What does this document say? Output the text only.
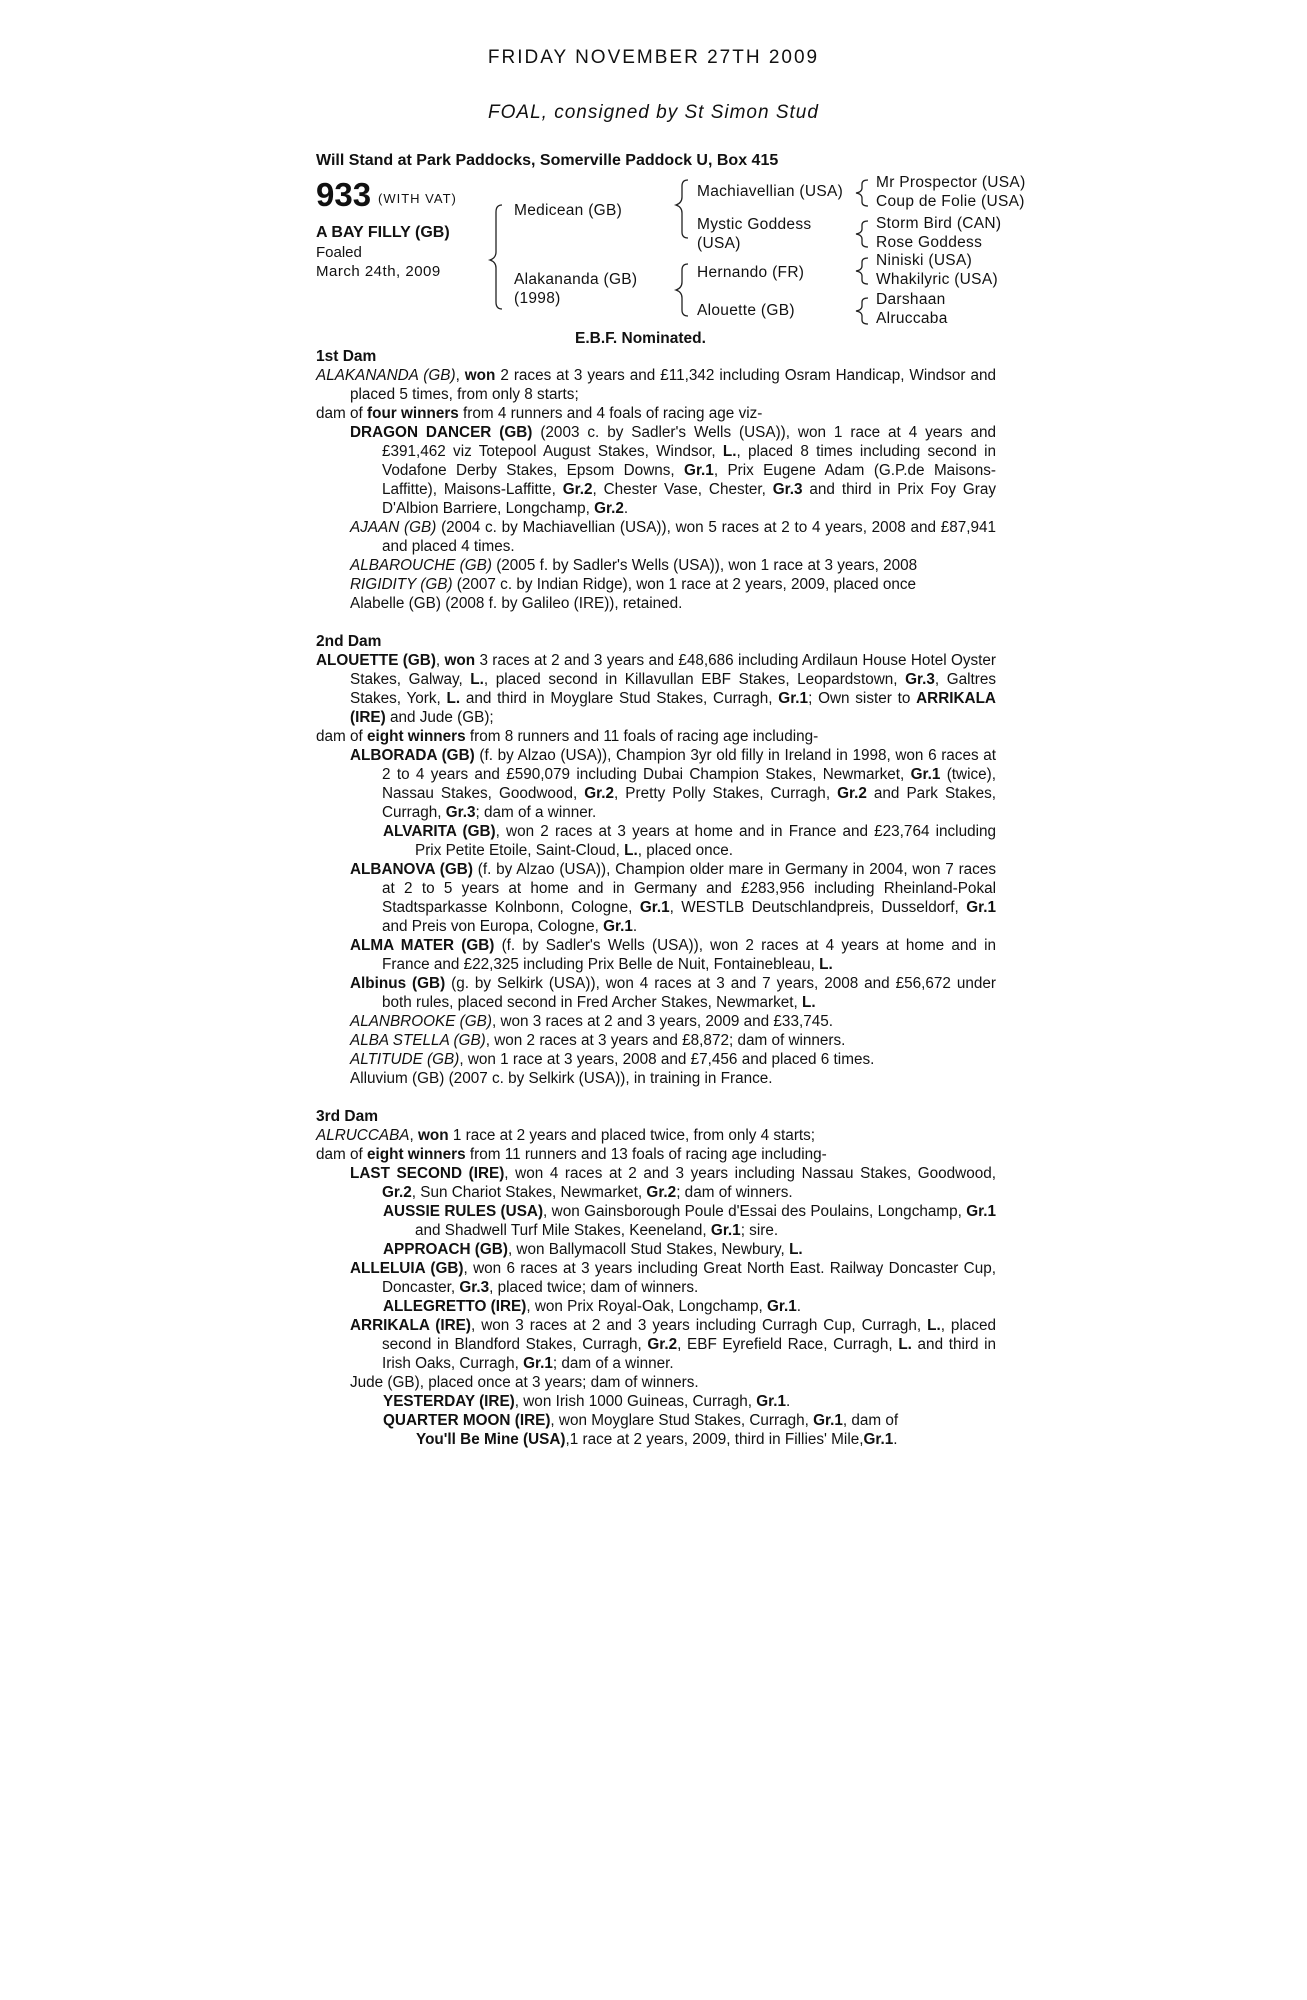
FRIDAY NOVEMBER 27TH 2009
FOAL, consigned by St Simon Stud
Will Stand at Park Paddocks, Somerville Paddock U, Box 415
933 (WITH VAT)
A BAY FILLY (GB)
Foaled
March 24th, 2009
Medicean (GB)
Alakananda (GB)
(1998)
Machiavellian (USA)
Mystic Goddess
(USA)
Hernando (FR)
Alouette (GB)
Mr Prospector (USA)
Coup de Folie (USA)
Storm Bird (CAN)
Rose Goddess
Niniski (USA)
Whakilyric (USA)
Darshaan
Alruccaba
E.B.F. Nominated.

1st Dam

ALAKANANDA (GB), won 2 races at 3 years and £11,342 including Osram Handicap, Windsor and placed 5 times, from only 8 starts;

dam of four winners from 4 runners and 4 foals of racing age viz-

DRAGON DANCER (GB) (2003 c. by Sadler's Wells (USA)), won 1 race at 4 years and £391,462 viz Totepool August Stakes, Windsor, L., placed 8 times including second in Vodafone Derby Stakes, Epsom Downs, Gr.1, Prix Eugene Adam (G.P.de Maisons-Laffitte), Maisons-Laffitte, Gr.2, Chester Vase, Chester, Gr.3 and third in Prix Foy Gray D'Albion Barriere, Longchamp, Gr.2.

AJAAN (GB) (2004 c. by Machiavellian (USA)), won 5 races at 2 to 4 years, 2008 and £87,941 and placed 4 times.

ALBAROUCHE (GB) (2005 f. by Sadler's Wells (USA)), won 1 race at 3 years, 2008

RIGIDITY (GB) (2007 c. by Indian Ridge), won 1 race at 2 years, 2009, placed once

Alabelle (GB) (2008 f. by Galileo (IRE)), retained.

2nd Dam

ALOUETTE (GB), won 3 races at 2 and 3 years and £48,686 including Ardilaun House Hotel Oyster Stakes, Galway, L., placed second in Killavullan EBF Stakes, Leopardstown, Gr.3, Galtres Stakes, York, L. and third in Moyglare Stud Stakes, Curragh, Gr.1; Own sister to ARRIKALA (IRE) and Jude (GB);

dam of eight winners from 8 runners and 11 foals of racing age including-

ALBORADA (GB) (f. by Alzao (USA)), Champion 3yr old filly in Ireland in 1998, won 6 races at 2 to 4 years and £590,079 including Dubai Champion Stakes, Newmarket, Gr.1 (twice), Nassau Stakes, Goodwood, Gr.2, Pretty Polly Stakes, Curragh, Gr.2 and Park Stakes, Curragh, Gr.3; dam of a winner.

ALVARITA (GB), won 2 races at 3 years at home and in France and £23,764 including Prix Petite Etoile, Saint-Cloud, L., placed once.

ALBANOVA (GB) (f. by Alzao (USA)), Champion older mare in Germany in 2004, won 7 races at 2 to 5 years at home and in Germany and £283,956 including Rheinland-Pokal Stadtsparkasse Kolnbonn, Cologne, Gr.1, WESTLB Deutschlandpreis, Dusseldorf, Gr.1 and Preis von Europa, Cologne, Gr.1.

ALMA MATER (GB) (f. by Sadler's Wells (USA)), won 2 races at 4 years at home and in France and £22,325 including Prix Belle de Nuit, Fontainebleau, L.

Albinus (GB) (g. by Selkirk (USA)), won 4 races at 3 and 7 years, 2008 and £56,672 under both rules, placed second in Fred Archer Stakes, Newmarket, L.

ALANBROOKE (GB), won 3 races at 2 and 3 years, 2009 and £33,745.

ALBA STELLA (GB), won 2 races at 3 years and £8,872; dam of winners.

ALTITUDE (GB), won 1 race at 3 years, 2008 and £7,456 and placed 6 times.

Alluvium (GB) (2007 c. by Selkirk (USA)), in training in France.

3rd Dam

ALRUCCABA, won 1 race at 2 years and placed twice, from only 4 starts;

dam of eight winners from 11 runners and 13 foals of racing age including-

LAST SECOND (IRE), won 4 races at 2 and 3 years including Nassau Stakes, Goodwood, Gr.2, Sun Chariot Stakes, Newmarket, Gr.2; dam of winners.

AUSSIE RULES (USA), won Gainsborough Poule d'Essai des Poulains, Longchamp, Gr.1 and Shadwell Turf Mile Stakes, Keeneland, Gr.1; sire.

APPROACH (GB), won Ballymacoll Stud Stakes, Newbury, L.

ALLELUIA (GB), won 6 races at 3 years including Great North East. Railway Doncaster Cup, Doncaster, Gr.3, placed twice; dam of winners.

ALLEGRETTO (IRE), won Prix Royal-Oak, Longchamp, Gr.1.

ARRIKALA (IRE), won 3 races at 2 and 3 years including Curragh Cup, Curragh, L., placed second in Blandford Stakes, Curragh, Gr.2, EBF Eyrefield Race, Curragh, L. and third in Irish Oaks, Curragh, Gr.1; dam of a winner.

Jude (GB), placed once at 3 years; dam of winners.

YESTERDAY (IRE), won Irish 1000 Guineas, Curragh, Gr.1.

QUARTER MOON (IRE), won Moyglare Stud Stakes, Curragh, Gr.1, dam of

You'll Be Mine (USA),1 race at 2 years, 2009, third in Fillies' Mile,Gr.1.
